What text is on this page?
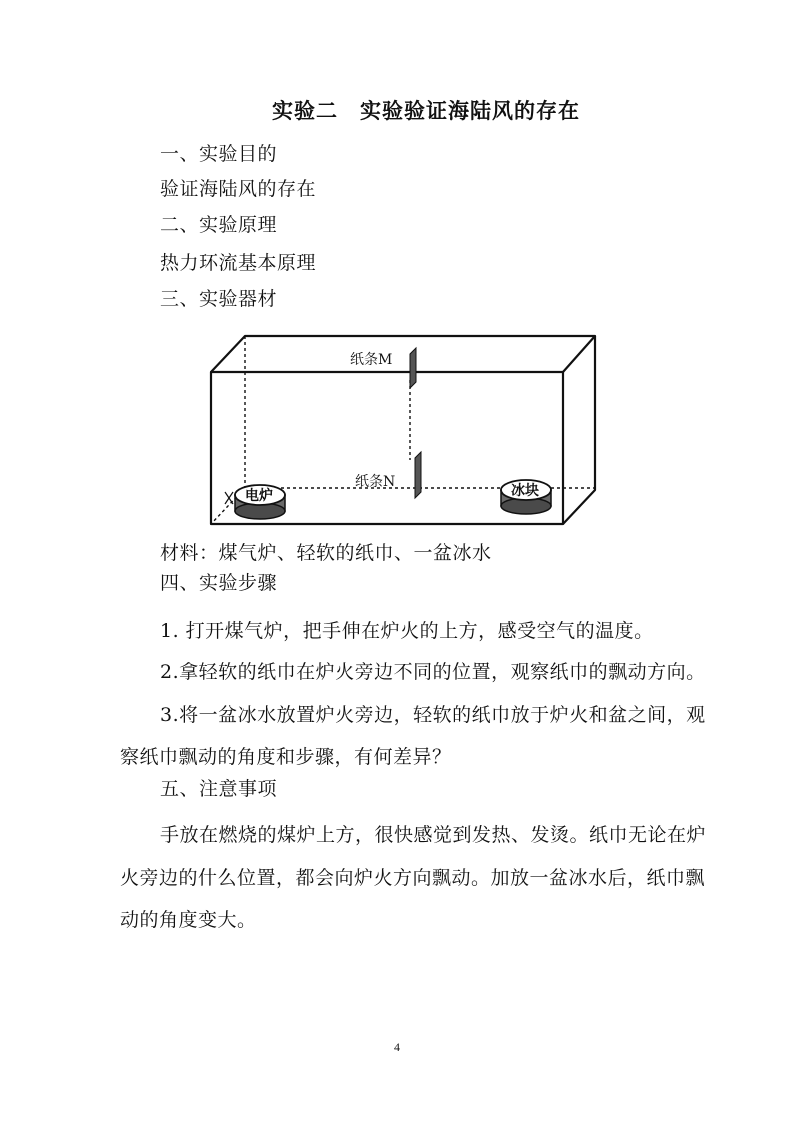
实验二 实验验证海陆风的存在
一、实验目的
验证海陆风的存在
二、实验原理
热力环流基本原理
三、实验器材
纸条M
纸条N
电炉	冰块
材料：煤气炉、轻软的纸巾、一盆冰水
四、实验步骤
1. 打开煤气炉，把手伸在炉火的上方，感受空气的温度。
2.拿轻软的纸巾在炉火旁边不同的位置，观察纸巾的飘动方向。
3.将一盆冰水放置炉火旁边，轻软的纸巾放于炉火和盆之间，观
察纸巾飘动的角度和步骤，有何差异？
五、注意事项
手放在燃烧的煤炉上方，很快感觉到发热、发烫。纸巾无论在炉
火旁边的什么位置，都会向炉火方向飘动。加放一盆冰水后，纸巾飘
动的角度变大。
4
